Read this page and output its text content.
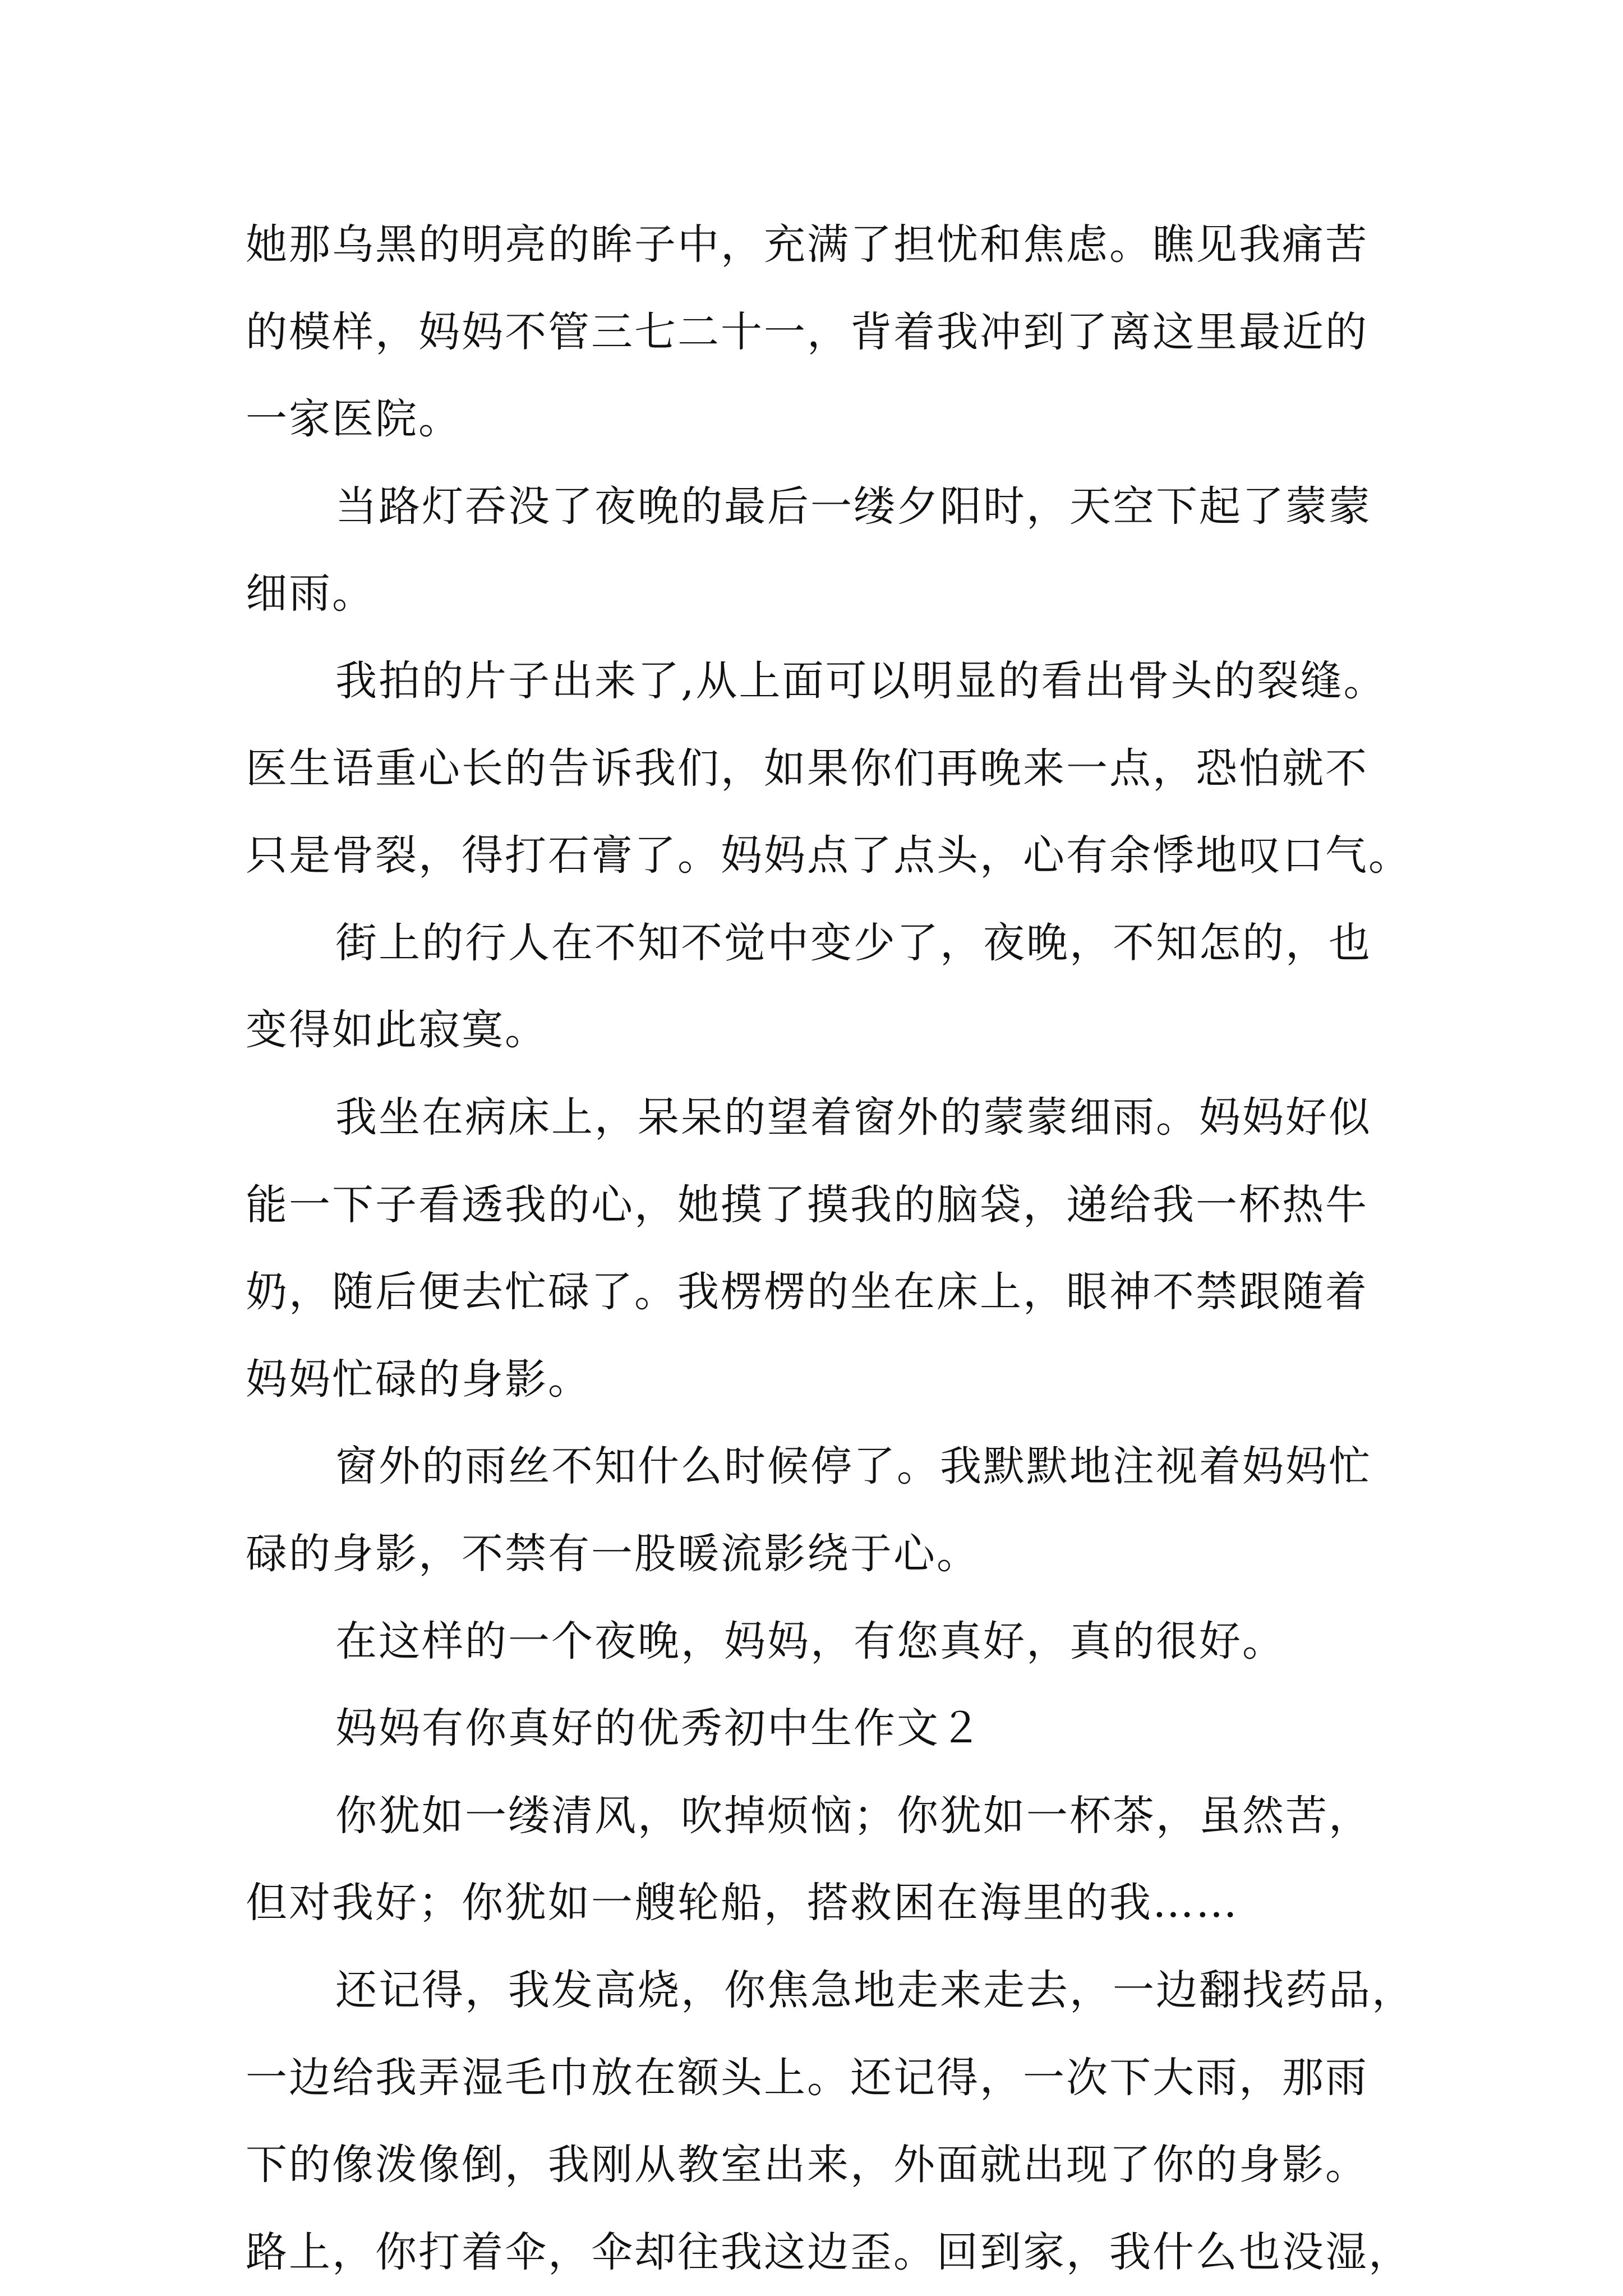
她那乌黑的明亮的眸子中，充满了担忧和焦虑。瞧见我痛苦
的模样，妈妈不管三七二十一，背着我冲到了离这里最近的
一家医院。
当路灯吞没了夜晚的最后一缕夕阳时，天空下起了蒙蒙
细雨。
我拍的片子出来了,从上面可以明显的看出骨头的裂缝。
医生语重心长的告诉我们，如果你们再晚来一点，恐怕就不
只是骨裂，得打石膏了。妈妈点了点头，心有余悸地叹口气。
街上的行人在不知不觉中变少了，夜晚，不知怎的，也
变得如此寂寞。
我坐在病床上，呆呆的望着窗外的蒙蒙细雨。妈妈好似
能一下子看透我的心，她摸了摸我的脑袋，递给我一杯热牛
奶，随后便去忙碌了。我楞楞的坐在床上，眼神不禁跟随着
妈妈忙碌的身影。
窗外的雨丝不知什么时候停了。我默默地注视着妈妈忙
碌的身影，不禁有一股暖流影绕于心。
在这样的一个夜晚，妈妈，有您真好，真的很好。
妈妈有你真好的优秀初中生作文２
你犹如一缕清风，吹掉烦恼；你犹如一杯茶，虽然苦，
但对我好；你犹如一艘轮船，搭救困在海里的我……
还记得，我发高烧，你焦急地走来走去，一边翻找药品，
一边给我弄湿毛巾放在额头上。还记得，一次下大雨，那雨
下的像泼像倒，我刚从教室出来，外面就出现了你的身影。
路上，你打着伞，伞却往我这边歪。回到家，我什么也没湿，
